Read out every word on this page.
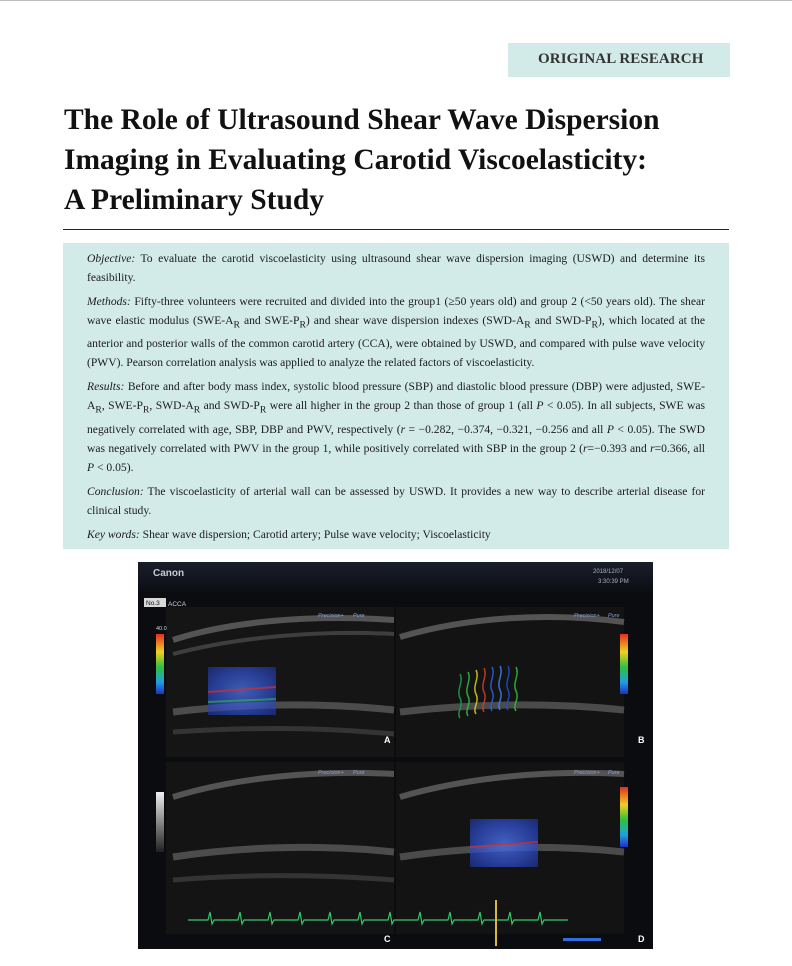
ORIGINAL RESEARCH
The Role of Ultrasound Shear Wave Dispersion
Imaging in Evaluating Carotid Viscoelasticity:
A Preliminary Study

Objective: To evaluate the carotid viscoelasticity using ultrasound shear wave dispersion imaging (USWD) and determine its feasibility.

Methods: Fifty-three volunteers were recruited and divided into the group1 (≥50 years old) and group 2 (<50 years old). The shear wave elastic modulus ($SWE-A_R$ and SWE-$P_R$) and shear wave dispersion indexes ($SWD-A_R$ and SWD-$P_R$), which located at the anterior and posterior walls of the common carotid artery (CCA), were obtained by USWD, and compared with pulse wave velocity (PWV). Pearson correlation analysis was applied to analyze the related factors of viscoelasticity.

Results: Before and after body mass index, systolic blood pressure (SBP) and diastolic blood pressure (DBP) were adjusted, SWE-$A_R$, SWE-$P_R$, SWD-$A_R$ and SWD-$P_R$ were all higher in the group 2 than those of group 1 (all P < 0.05). In all subjects, SWE was negatively correlated with age, SBP, DBP and PWV, respectively (r = −0.282, −0.374, −0.321, −0.256 and all P < 0.05). The SWD was negatively correlated with PWV in the group 1, while positively correlated with SBP in the group 2 (r=−0.393 and r=0.366, all P < 0.05).

Conclusion: The viscoelasticity of arterial wall can be assessed by USWD. It provides a new way to describe arterial disease for clinical study.

Key words: Shear wave dispersion; Carotid artery; Pulse wave velocity; Viscoelasticity

Canon	2018/12/07
3:30:39 PM
No.3 ACCA
40.0
Precision+ Pure	Precision+ Pure
Precision+ Pure	Precision+ Pure
A	B
C	D
